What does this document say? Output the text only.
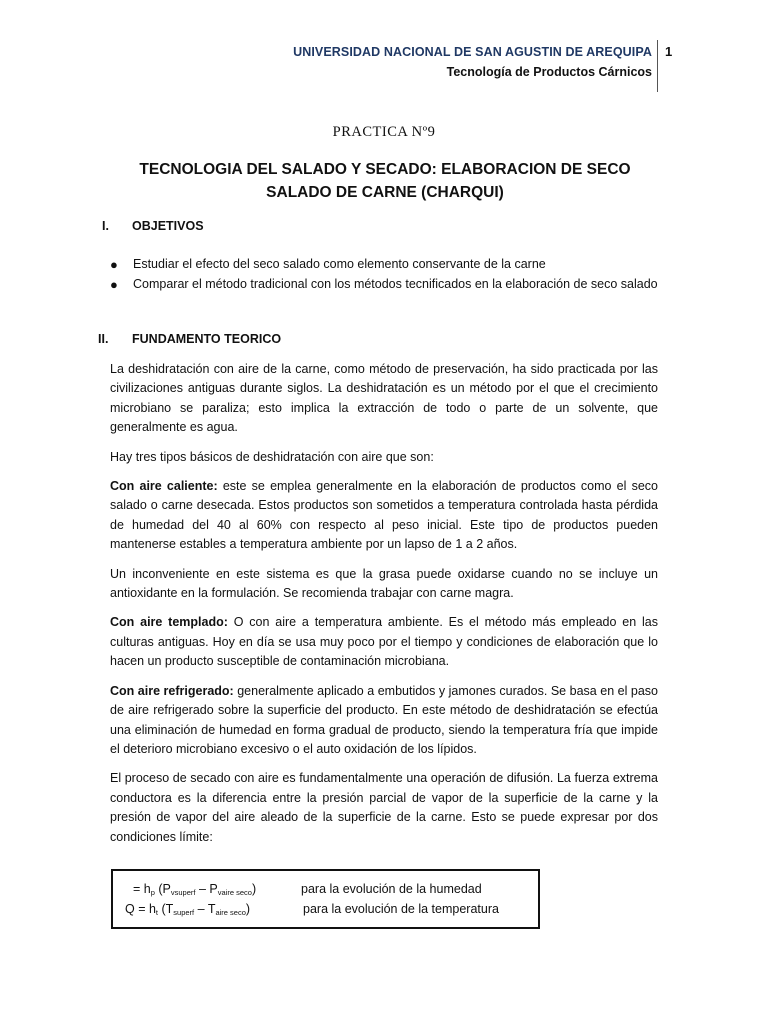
UNIVERSIDAD NACIONAL DE SAN AGUSTIN DE AREQUIPA
Tecnología de Productos Cárnicos
1
PRACTICA Nº9
TECNOLOGIA DEL SALADO Y SECADO: ELABORACION DE SECO SALADO DE CARNE (CHARQUI)
I. OBJETIVOS
● Estudiar el efecto del seco salado como elemento conservante de la carne
● Comparar el método tradicional con los métodos tecnificados en la elaboración de seco salado
II. FUNDAMENTO TEORICO

La deshidratación con aire de la carne, como método de preservación, ha sido practicada por las civilizaciones antiguas durante siglos. La deshidratación es un método por el que el crecimiento microbiano se paraliza; esto implica la extracción de todo o parte de un solvente, que generalmente es agua.

Hay tres tipos básicos de deshidratación con aire que son:

Con aire caliente: este se emplea generalmente en la elaboración de productos como el seco salado o carne desecada. Estos productos son sometidos a temperatura controlada hasta pérdida de humedad del 40 al 60% con respecto al peso inicial. Este tipo de productos pueden mantenerse estables a temperatura ambiente por un lapso de 1 a 2 años.

Un inconveniente en este sistema es que la grasa puede oxidarse cuando no se incluye un antioxidante en la formulación. Se recomienda trabajar con carne magra.

Con aire templado: O con aire a temperatura ambiente. Es el método más empleado en las culturas antiguas. Hoy en día se usa muy poco por el tiempo y condiciones de elaboración que lo hacen un producto susceptible de contaminación microbiana.

Con aire refrigerado: generalmente aplicado a embutidos y jamones curados. Se basa en el paso de aire refrigerado sobre la superficie del producto. En este método de deshidratación se efectúa una eliminación de humedad en forma gradual de producto, siendo la temperatura fría que impide el deterioro microbiano excesivo o el auto oxidación de los lípidos.

El proceso de secado con aire es fundamentalmente una operación de difusión. La fuerza extrema conductora es la diferencia entre la presión parcial de vapor de la superficie de la carne y la presión de vapor del aire aleado de la superficie de la carne. Esto se puede expresar por dos condiciones límite:

= $h_p$ $(P_{vsuperf} - P_{vaire seco})$	para la evolución de la humedad
$Q = h_t$ $(T_{superf} - T_{aire seco})$	para la evolución de la temperatura
